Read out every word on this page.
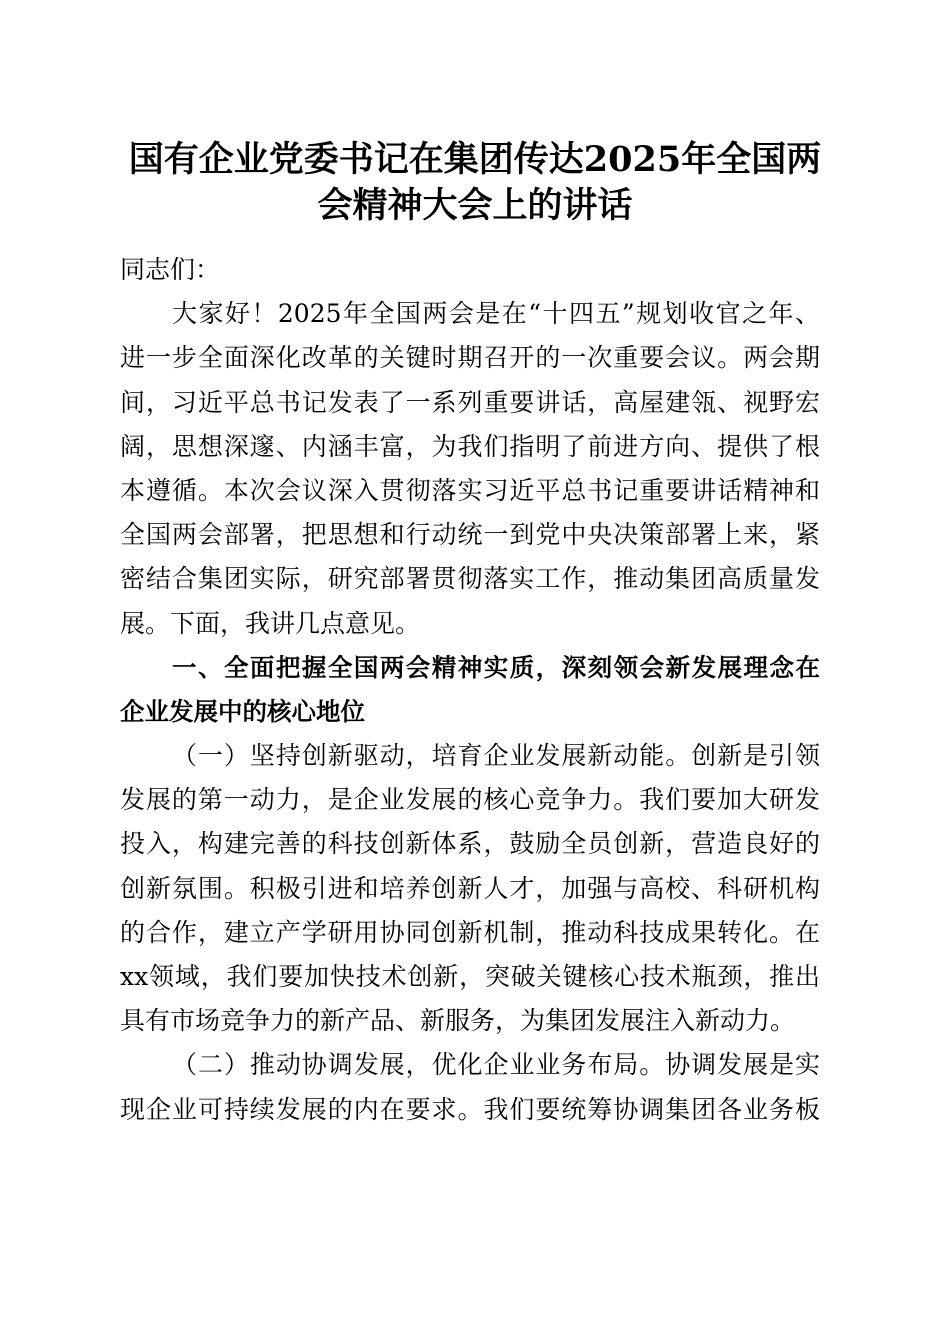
国有企业党委书记在集团传达2025年全国两
会精神大会上的讲话
同志们：
大家好！2025年全国两会是在“十四五”规划收官之年、
进一步全面深化改革的关键时期召开的一次重要会议。两会期
间，习近平总书记发表了一系列重要讲话，高屋建瓴、视野宏
阔，思想深邃、内涵丰富，为我们指明了前进方向、提供了根
本遵循。本次会议深入贯彻落实习近平总书记重要讲话精神和
全国两会部署，把思想和行动统一到党中央决策部署上来，紧
密结合集团实际，研究部署贯彻落实工作，推动集团高质量发
展。下面，我讲几点意见。
一、全面把握全国两会精神实质，深刻领会新发展理念在
企业发展中的核心地位
（一）坚持创新驱动，培育企业发展新动能。创新是引领
发展的第一动力，是企业发展的核心竞争力。我们要加大研发
投入，构建完善的科技创新体系，鼓励全员创新，营造良好的
创新氛围。积极引进和培养创新人才，加强与高校、科研机构
的合作，建立产学研用协同创新机制，推动科技成果转化。在
xx领域，我们要加快技术创新，突破关键核心技术瓶颈，推出
具有市场竞争力的新产品、新服务，为集团发展注入新动力。
（二）推动协调发展，优化企业业务布局。协调发展是实
现企业可持续发展的内在要求。我们要统筹协调集团各业务板
